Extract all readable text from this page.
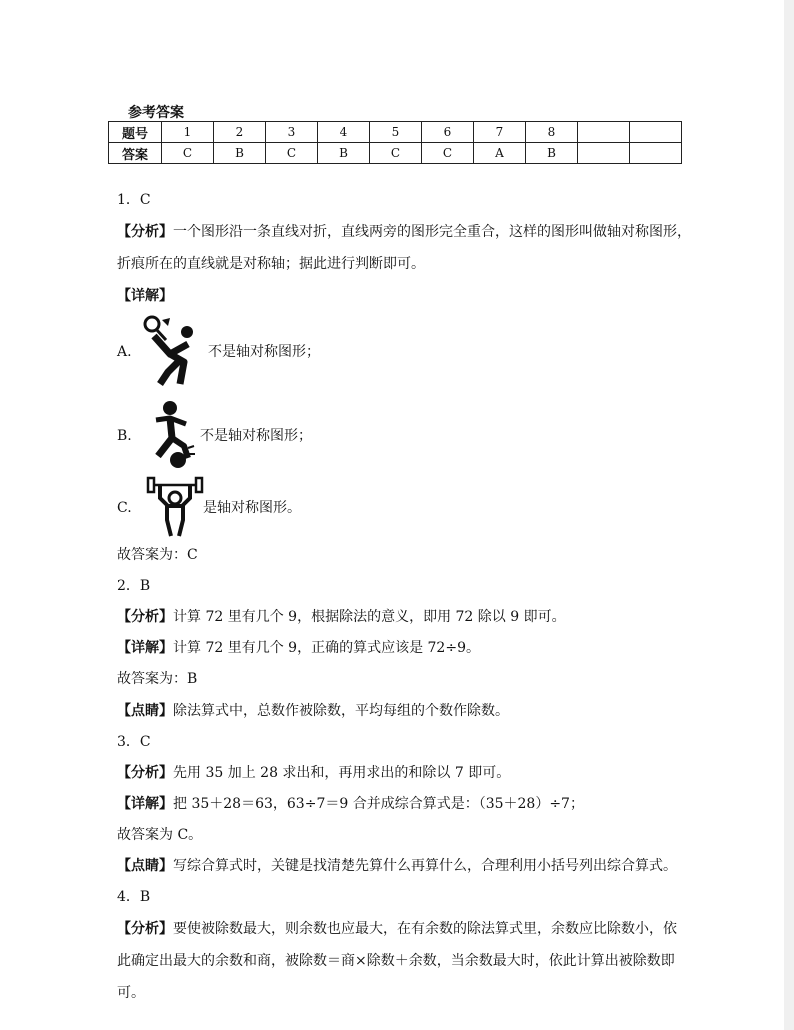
参考答案
题号	1	2	3	4	5	6	7	8		
答案	C	B	C	B	C	C	A	B		
1．C
【分析】一个图形沿一条直线对折，直线两旁的图形完全重合，这样的图形叫做轴对称图形，
折痕所在的直线就是对称轴；据此进行判断即可。
【详解】
A.	不是轴对称图形；
B.	不是轴对称图形；
C.	是轴对称图形。
故答案为：C
2．B
【分析】计算 72 里有几个 9，根据除法的意义，即用 72 除以 9 即可。
【详解】计算 72 里有几个 9，正确的算式应该是 72÷9。
故答案为：B
【点睛】除法算式中，总数作被除数，平均每组的个数作除数。
3．C
【分析】先用 35 加上 28 求出和，再用求出的和除以 7 即可。
【详解】把 35＋28＝63，63÷7＝9 合并成综合算式是：（35＋28）÷7；
故答案为 C。
【点睛】写综合算式时，关键是找清楚先算什么再算什么，合理利用小括号列出综合算式。
4．B
【分析】要使被除数最大，则余数也应最大，在有余数的除法算式里，余数应比除数小，依
此确定出最大的余数和商，被除数＝商×除数＋余数，当余数最大时，依此计算出被除数即
可。
